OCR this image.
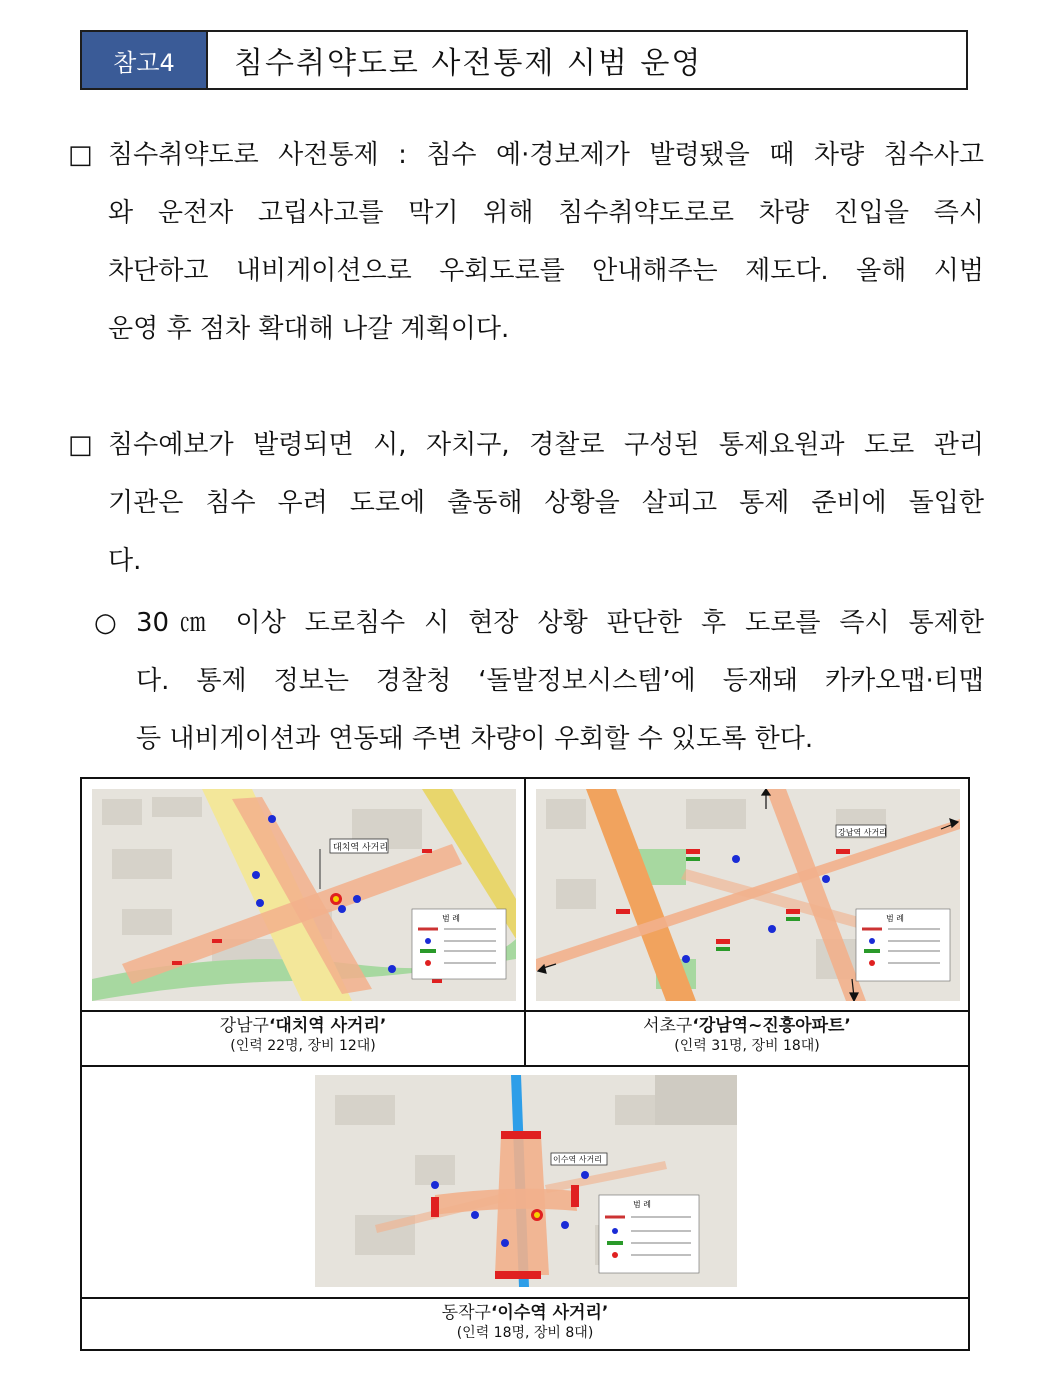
참고4	침수취약도로 사전통제 시범 운영
□ 침수취약도로 사전통제 : 침수 예·경보제가 발령됐을 때 차량 침수사고
와 운전자 고립사고를 막기 위해 침수취약도로로 차량 진입을 즉시
차단하고 내비게이션으로 우회도로를 안내해주는 제도다. 올해 시범
운영 후 점차 확대해 나갈 계획이다.
□ 침수예보가 발령되면 시, 자치구, 경찰로 구성된 통제요원과 도로 관리
기관은 침수 우려 도로에 출동해 상황을 살피고 통제 준비에 돌입한
다.
○ 30㎝ 이상 도로침수 시 현장 상황 판단한 후 도로를 즉시 통제한
다. 통제 정보는 경찰청 ‘돌발정보시스템’에 등재돼 카카오맵·티맵
등 내비게이션과 연동돼 주변 차량이 우회할 수 있도록 한다.
대치역 사거리
범 례
강남역 사거리
범 례
강남구‘대치역 사거리’
(인력 22명, 장비 12대)
서초구‘강남역~진흥아파트’
(인력 31명, 장비 18대)
이수역 사거리
범 례
동작구‘이수역 사거리’
(인력 18명, 장비 8대)
